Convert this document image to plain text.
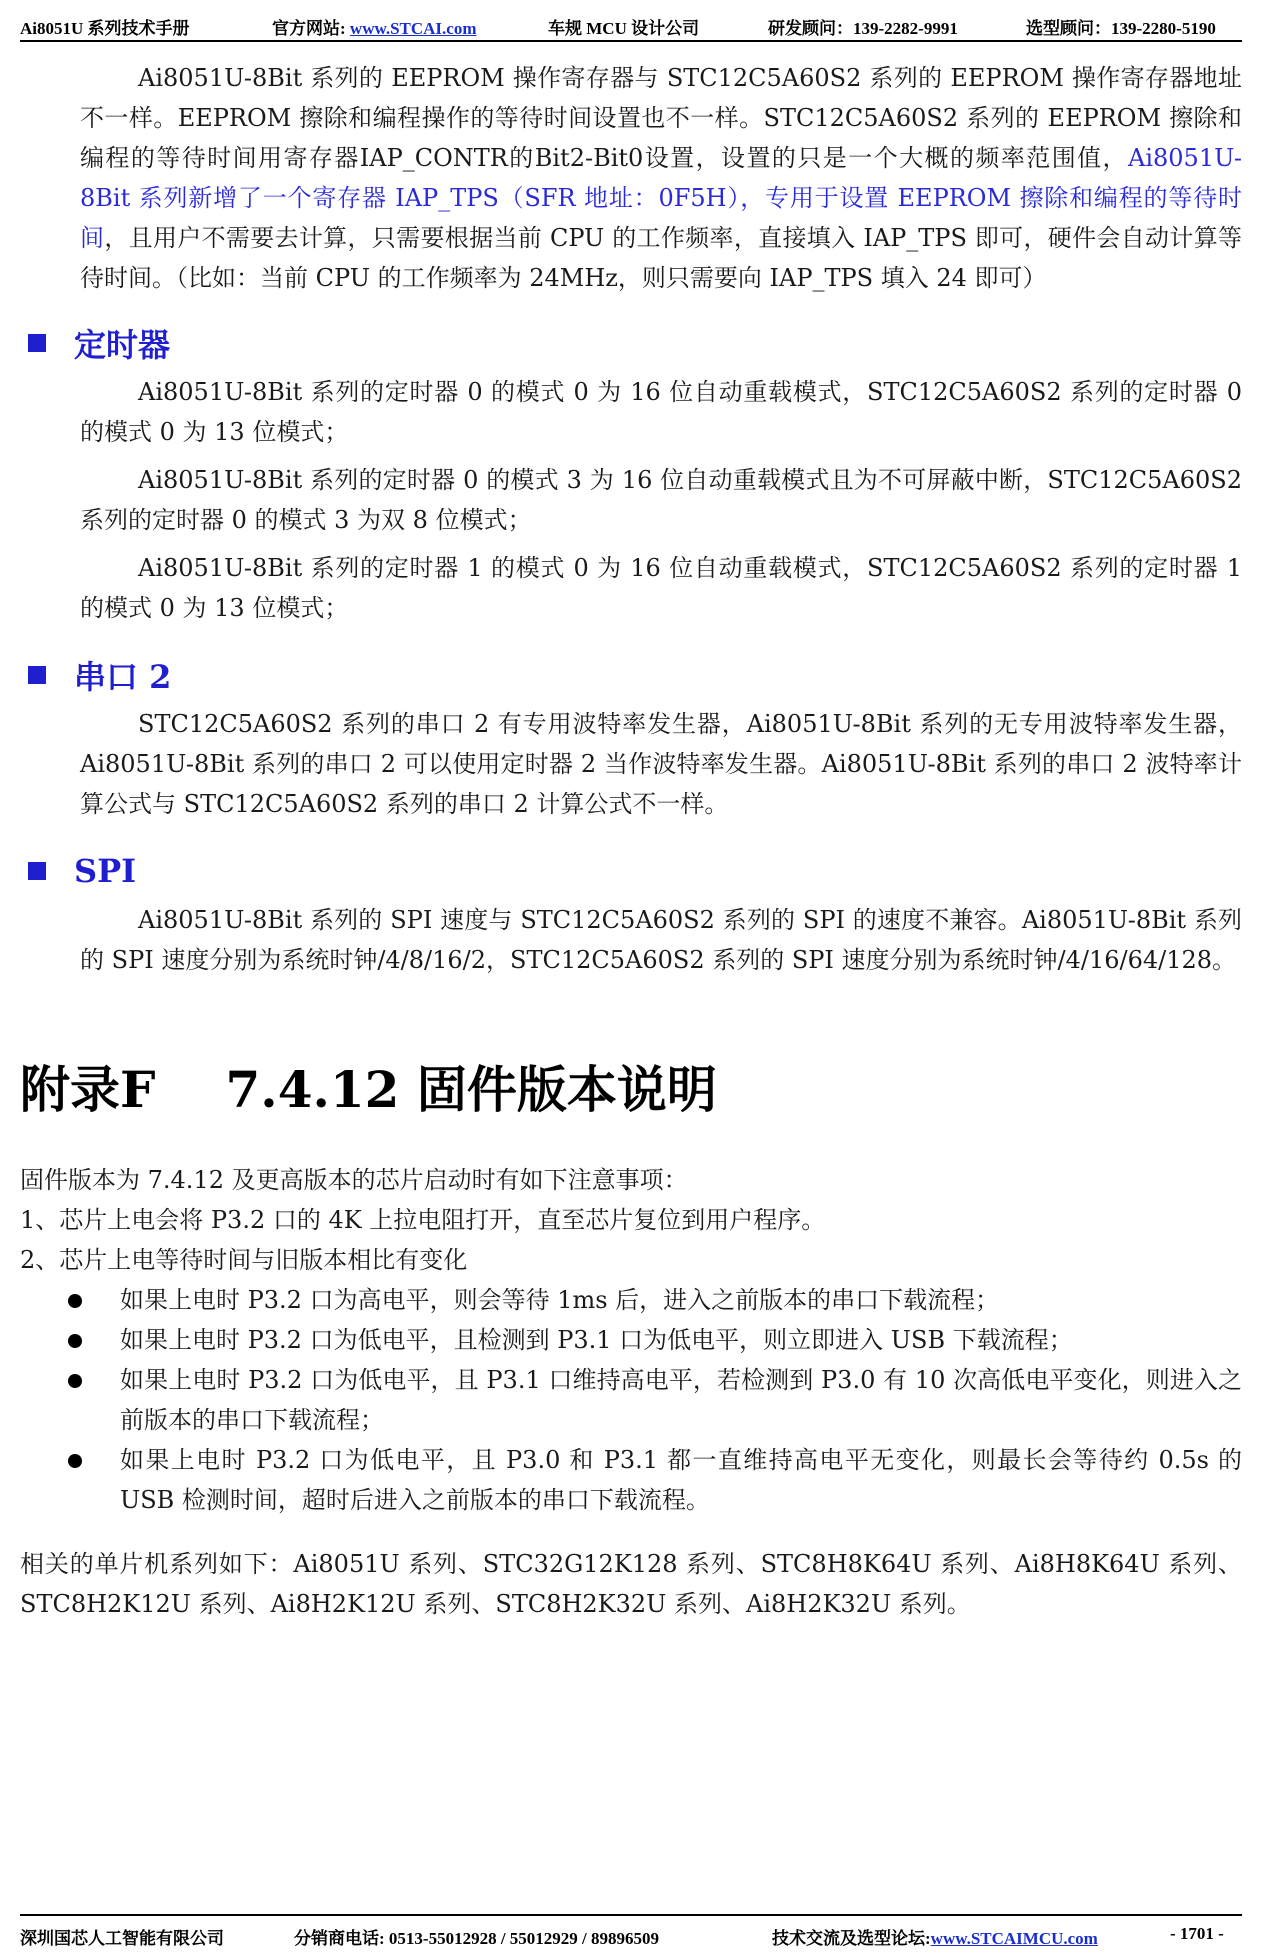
Ai8051U 系列技术手册	官方网站: www.STCAI.com	车规 MCU 设计公司	研发顾问：139-2282-9991	选型顾问：139-2280-5190

Ai8051U-8Bit 系列的 EEPROM 操作寄存器与 STC12C5A60S2 系列的 EEPROM 操作寄存器地址不一样。EEPROM 擦除和编程操作的等待时间设置也不一样。STC12C5A60S2 系列的 EEPROM 擦除和编程的等待时间用寄存器IAP_CONTR的Bit2-Bit0设置，设置的只是一个大概的频率范围值，Ai8051U-8Bit 系列新增了一个寄存器 IAP_TPS（SFR 地址：0F5H），专用于设置 EEPROM 擦除和编程的等待时间，且用户不需要去计算，只需要根据当前 CPU 的工作频率，直接填入 IAP_TPS 即可，硬件会自动计算等待时间。（比如：当前 CPU 的工作频率为 24MHz，则只需要向 IAP_TPS 填入 24 即可）

定时器

Ai8051U-8Bit 系列的定时器 0 的模式 0 为 16 位自动重载模式，STC12C5A60S2 系列的定时器 0 的模式 0 为 13 位模式；

Ai8051U-8Bit 系列的定时器 0 的模式 3 为 16 位自动重载模式且为不可屏蔽中断，STC12C5A60S2 系列的定时器 0 的模式 3 为双 8 位模式；

Ai8051U-8Bit 系列的定时器 1 的模式 0 为 16 位自动重载模式，STC12C5A60S2 系列的定时器 1 的模式 0 为 13 位模式；

串口 2

STC12C5A60S2 系列的串口 2 有专用波特率发生器，Ai8051U-8Bit 系列的无专用波特率发生器，Ai8051U-8Bit 系列的串口 2 可以使用定时器 2 当作波特率发生器。Ai8051U-8Bit 系列的串口 2 波特率计算公式与 STC12C5A60S2 系列的串口 2 计算公式不一样。

SPI

Ai8051U-8Bit 系列的 SPI 速度与 STC12C5A60S2 系列的 SPI 的速度不兼容。Ai8051U-8Bit 系列的 SPI 速度分别为系统时钟/4/8/16/2，STC12C5A60S2 系列的 SPI 速度分别为系统时钟/4/16/64/128。

附录F 7.4.12 固件版本说明
固件版本为 7.4.12 及更高版本的芯片启动时有如下注意事项：
1、芯片上电会将 P3.2 口的 4K 上拉电阻打开，直至芯片复位到用户程序。
2、芯片上电等待时间与旧版本相比有变化
如果上电时 P3.2 口为高电平，则会等待 1ms 后，进入之前版本的串口下载流程；
如果上电时 P3.2 口为低电平，且检测到 P3.1 口为低电平，则立即进入 USB 下载流程；
如果上电时 P3.2 口为低电平，且 P3.1 口维持高电平，若检测到 P3.0 有 10 次高低电平变化，则进入之前版本的串口下载流程；
如果上电时 P3.2 口为低电平，且 P3.0 和 P3.1 都一直维持高电平无变化，则最长会等待约 0.5s 的 USB 检测时间，超时后进入之前版本的串口下载流程。

相关的单片机系列如下：Ai8051U 系列、STC32G12K128 系列、STC8H8K64U 系列、Ai8H8K64U 系列、STC8H2K12U 系列、Ai8H2K12U 系列、STC8H2K32U 系列、Ai8H2K32U 系列。

深圳国芯人工智能有限公司	分销商电话: 0513-55012928 / 55012929 / 89896509	技术交流及选型论坛:www.STCAIMCU.com	- 1701 -
